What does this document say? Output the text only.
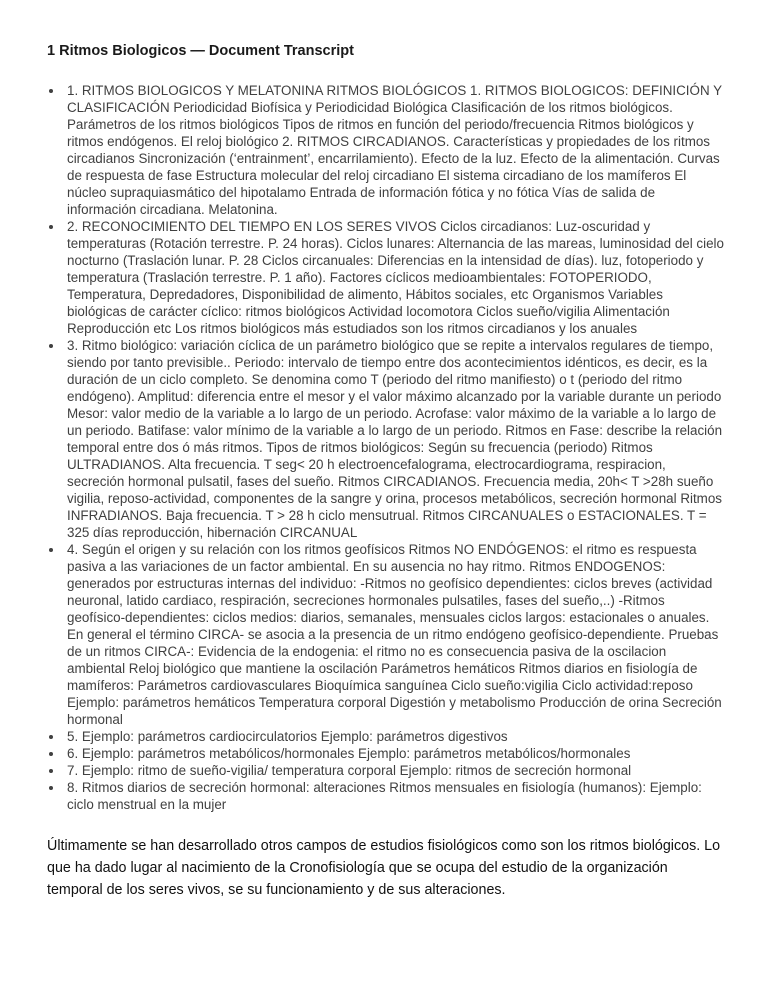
1 Ritmos Biologicos — Document Transcript
1. RITMOS BIOLOGICOS Y MELATONINA RITMOS BIOLÓGICOS 1. RITMOS BIOLOGICOS: DEFINICIÓN Y CLASIFICACIÓN Periodicidad Biofísica y Periodicidad Biológica Clasificación de los ritmos biológicos. Parámetros de los ritmos biológicos Tipos de ritmos en función del periodo/frecuencia Ritmos biológicos y ritmos endógenos. El reloj biológico 2. RITMOS CIRCADIANOS. Características y propiedades de los ritmos circadianos Sincronización (‘entrainment’, encarrilamiento). Efecto de la luz. Efecto de la alimentación. Curvas de respuesta de fase Estructura molecular del reloj circadiano El sistema circadiano de los mamíferos El núcleo supraquiasmático del hipotalamo Entrada de información fótica y no fótica Vías de salida de información circadiana. Melatonina.
2. RECONOCIMIENTO DEL TIEMPO EN LOS SERES VIVOS Ciclos circadianos: Luz-oscuridad y temperaturas (Rotación terrestre. P. 24 horas). Ciclos lunares: Alternancia de las mareas, luminosidad del cielo nocturno (Traslación lunar. P. 28 Ciclos circanuales: Diferencias en la intensidad de días). luz, fotoperiodo y temperatura (Traslación terrestre. P. 1 año). Factores cíclicos medioambientales: FOTOPERIODO, Temperatura, Depredadores, Disponibilidad de alimento, Hábitos sociales, etc Organismos Variables biológicas de carácter cíclico: ritmos biológicos Actividad locomotora Ciclos sueño/vigilia Alimentación Reproducción etc Los ritmos biológicos más estudiados son los ritmos circadianos y los anuales
3. Ritmo biológico: variación cíclica de un parámetro biológico que se repite a intervalos regulares de tiempo, siendo por tanto previsible.. Periodo: intervalo de tiempo entre dos acontecimientos idénticos, es decir, es la duración de un ciclo completo. Se denomina como T (periodo del ritmo manifiesto) o t (periodo del ritmo endógeno). Amplitud: diferencia entre el mesor y el valor máximo alcanzado por la variable durante un periodo Mesor: valor medio de la variable a lo largo de un periodo. Acrofase: valor máximo de la variable a lo largo de un periodo. Batifase: valor mínimo de la variable a lo largo de un periodo. Ritmos en Fase: describe la relación temporal entre dos ó más ritmos. Tipos de ritmos biológicos: Según su frecuencia (periodo) Ritmos ULTRADIANOS. Alta frecuencia. T seg< 20 h electroencefalograma, electrocardiograma, respiracion, secreción hormonal pulsatil, fases del sueño. Ritmos CIRCADIANOS. Frecuencia media, 20h< T >28h sueño vigilia, reposo-actividad, componentes de la sangre y orina, procesos metabólicos, secreción hormonal Ritmos INFRADIANOS. Baja frecuencia. T > 28 h ciclo mensutrual. Ritmos CIRCANUALES o ESTACIONALES. T = 325 días reproducción, hibernación CIRCANUAL
4. Según el origen y su relación con los ritmos geofísicos Ritmos NO ENDÓGENOS: el ritmo es respuesta pasiva a las variaciones de un factor ambiental. En su ausencia no hay ritmo. Ritmos ENDOGENOS: generados por estructuras internas del individuo: -Ritmos no geofísico dependientes: ciclos breves (actividad neuronal, latido cardiaco, respiración, secreciones hormonales pulsatiles, fases del sueño,..) -Ritmos geofísico-dependientes: ciclos medios: diarios, semanales, mensuales ciclos largos: estacionales o anuales. En general el término CIRCA- se asocia a la presencia de un ritmo endógeno geofísico-dependiente. Pruebas de un ritmos CIRCA-: Evidencia de la endogenia: el ritmo no es consecuencia pasiva de la oscilacion ambiental Reloj biológico que mantiene la oscilación Parámetros hemáticos Ritmos diarios en fisiología de mamíferos: Parámetros cardiovasculares Bioquímica sanguínea Ciclo sueño:vigilia Ciclo actividad:reposo Ejemplo: parámetros hemáticos Temperatura corporal Digestión y metabolismo Producción de orina Secreción hormonal
5. Ejemplo: parámetros cardiocirculatorios Ejemplo: parámetros digestivos
6. Ejemplo: parámetros metabólicos/hormonales Ejemplo: parámetros metabólicos/hormonales
7. Ejemplo: ritmo de sueño-vigilia/ temperatura corporal Ejemplo: ritmos de secreción hormonal
8. Ritmos diarios de secreción hormonal: alteraciones Ritmos mensuales en fisiología (humanos): Ejemplo: ciclo menstrual en la mujer

Últimamente se han desarrollado otros campos de estudios fisiológicos como son los ritmos biológicos. Lo que ha dado lugar al nacimiento de la Cronofisiología que se ocupa del estudio de la organización temporal de los seres vivos, se su funcionamiento y de sus alteraciones.
